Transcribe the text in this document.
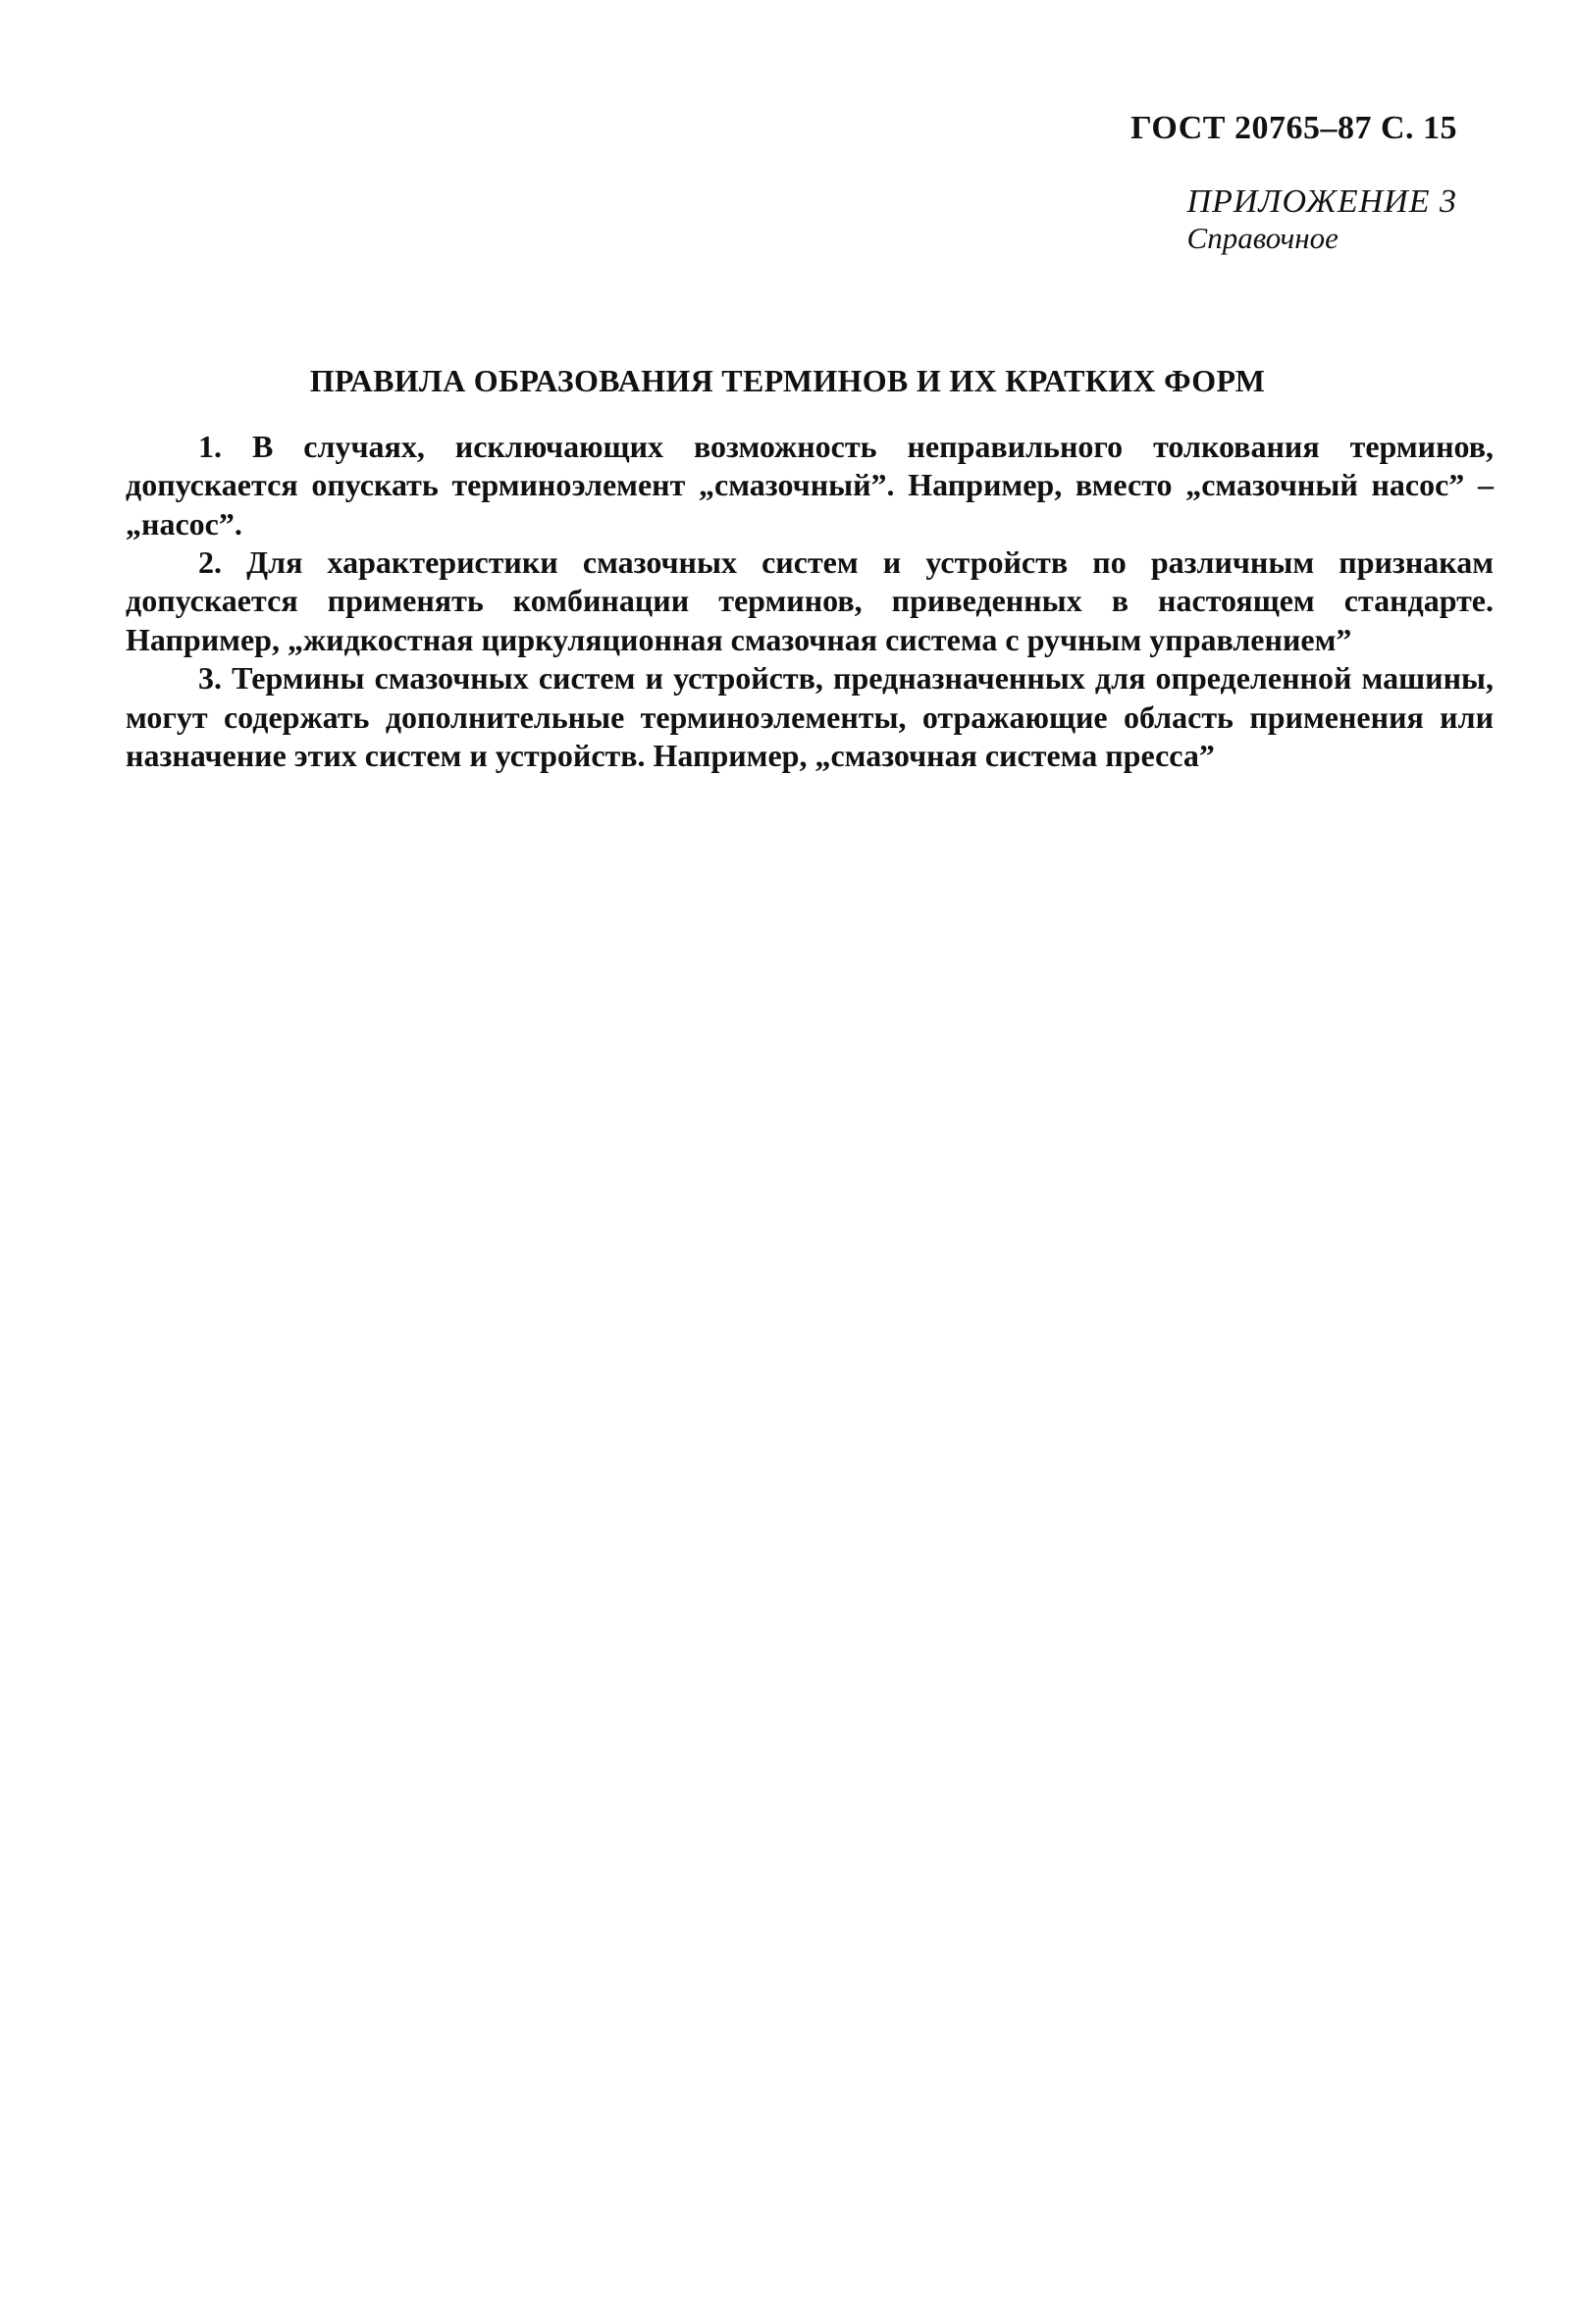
ГОСТ 20765–87 С. 15
ПРИЛОЖЕНИЕ 3
Справочное
ПРАВИЛА ОБРАЗОВАНИЯ ТЕРМИНОВ И ИХ КРАТКИХ ФОРМ

1. В случаях, исключающих возможность неправильного толкования терминов, допускается опускать терминоэлемент „смазочный”. Например, вместо „смазочный насос” – „насос”.

2. Для характеристики смазочных систем и устройств по различным признакам допускается применять комбинации терминов, приведенных в настоящем стандарте. Например, „жидкостная циркуляционная смазочная система с ручным управлением”

3. Термины смазочных систем и устройств, предназначенных для определенной машины, могут содержать дополнительные терминоэлементы, отражающие область применения или назначение этих систем и устройств. Например, „смазочная система пресса”
